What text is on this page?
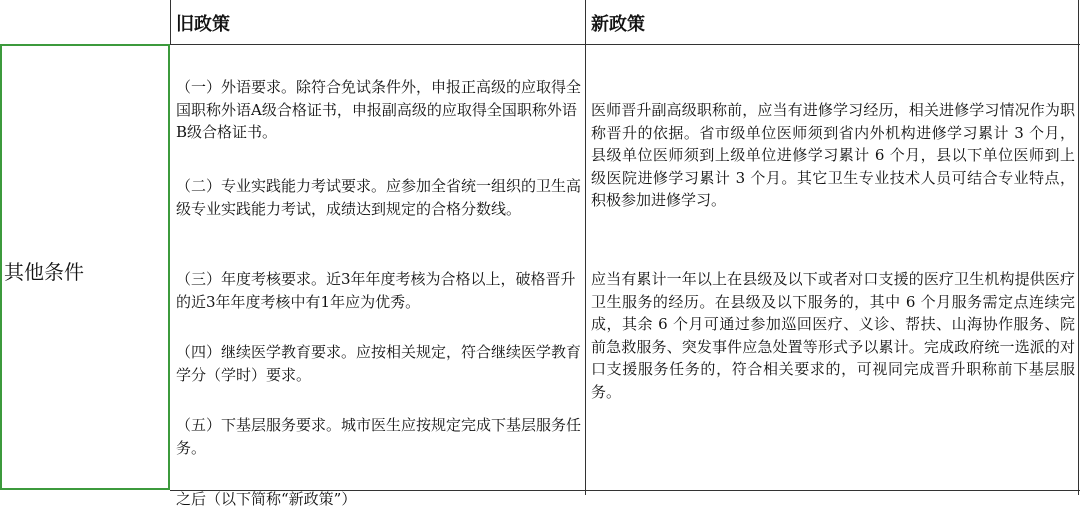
旧政策	新政策
其他条件
（一）外语要求。除符合免试条件外，申报正高级的应取得全国职称外语A级合格证书，申报副高级的应取得全国职称外语B级合格证书。
（二）专业实践能力考试要求。应参加全省统一组织的卫生高级专业实践能力考试，成绩达到规定的合格分数线。
（三）年度考核要求。近3年年度考核为合格以上，破格晋升的近3年年度考核中有1年应为优秀。
（四）继续医学教育要求。应按相关规定，符合继续医学教育学分（学时）要求。
（五）下基层服务要求。城市医生应按规定完成下基层服务任务。
医师晋升副高级职称前，应当有进修学习经历，相关进修学习情况作为职称晋升的依据。省市级单位医师须到省内外机构进修学习累计 3 个月，县级单位医师须到上级单位进修学习累计 6 个月，县以下单位医师到上级医院进修学习累计 3 个月。其它卫生专业技术人员可结合专业特点，积极参加进修学习。
应当有累计一年以上在县级及以下或者对口支援的医疗卫生机构提供医疗卫生服务的经历。在县级及以下服务的，其中 6 个月服务需定点连续完成，其余 6 个月可通过参加巡回医疗、义诊、帮扶、山海协作服务、院前急救服务、突发事件应急处置等形式予以累计。完成政府统一选派的对口支援服务任务的，符合相关要求的，可视同完成晋升职称前下基层服务。
之后（以下简称“新政策”）
